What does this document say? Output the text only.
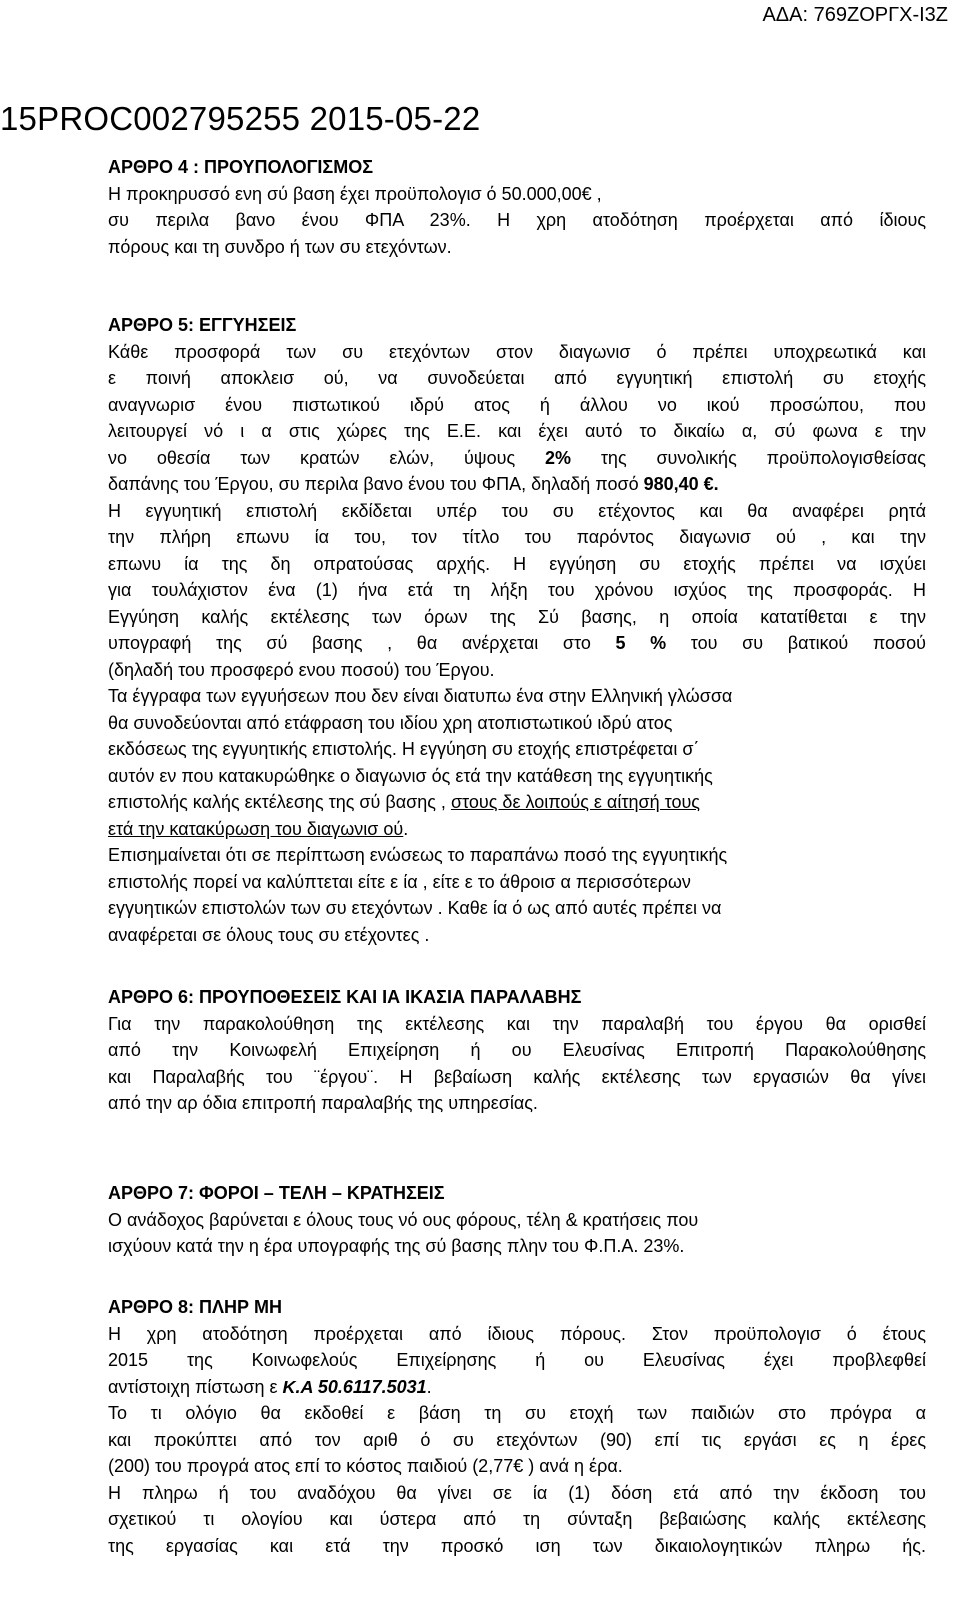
ΑΔΑ: 769ΖΟΡΓΧ-Ι3Ζ
15PROC002795255 2015-05-22

ΑΡΘΡΟ 4 : ΠΡΟΥΠΟΛΟΓΙΣΜΟΣ

Η προκηρυσσό ενη σύ βαση έχει προϋπολογισ ό 50.000,00€ ,

συ περιλα βανο ένου ΦΠΑ 23%. Η χρη ατοδότηση προέρχεται από ίδιους

πόρους και τη συνδρο ή των συ ετεχόντων.

ΑΡΘΡΟ 5: ΕΓΓΥΗΣΕΙΣ

Κάθε προσφορά των συ ετεχόντων στον διαγωνισ ό πρέπει υποχρεωτικά και

ε ποινή αποκλεισ ού, να συνοδεύεται από εγγυητική επιστολή συ ετοχής

αναγνωρισ ένου πιστωτικού ιδρύ ατος ή άλλου νο ικού προσώπου, που

λειτουργεί νό ι α στις χώρες της Ε.Ε. και έχει αυτό το δικαίω α, σύ φωνα ε την

νο οθεσία των κρατών ελών, ύψους 2% της συνολικής προϋπολογισθείσας

δαπάνης του Έργου, συ περιλα βανο ένου του ΦΠΑ, δηλαδή ποσό 980,40 €.

Η εγγυητική επιστολή εκδίδεται υπέρ του συ ετέχοντος και θα αναφέρει ρητά

την πλήρη επωνυ ία του, τον τίτλο του παρόντος διαγωνισ ού , και την

επωνυ ία της δη οπρατούσας αρχής. Η εγγύηση συ ετοχής πρέπει να ισχύει

για τουλάχιστον ένα (1) ήνα ετά τη λήξη του χρόνου ισχύος της προσφοράς. Η

Εγγύηση καλής εκτέλεσης των όρων της Σύ βασης, η οποία κατατίθεται ε την

υπογραφή της σύ βασης , θα ανέρχεται στο 5 % του συ βατικού ποσού

(δηλαδή του προσφερό ενου ποσού) του Έργου.

Τα έγγραφα των εγγυήσεων που δεν είναι διατυπω ένα στην Ελληνική γλώσσα

θα συνοδεύονται από ετάφραση του ιδίου χρη ατοπιστωτικού ιδρύ ατος

εκδόσεως της εγγυητικής επιστολής. Η εγγύηση συ ετοχής επιστρέφεται σ΄

αυτόν εν που κατακυρώθηκε ο διαγωνισ ός ετά την κατάθεση της εγγυητικής

επιστολής καλής εκτέλεσης της σύ βασης , στους δε λοιπούς ε αίτησή τους

ετά την κατακύρωση του διαγωνισ ού.

Επισημαίνεται ότι σε περίπτωση ενώσεως το παραπάνω ποσό της εγγυητικής

επιστολής πορεί να καλύπτεται είτε ε ία , είτε ε το άθροισ α περισσότερων

εγγυητικών επιστολών των συ ετεχόντων . Καθε ία ό ως από αυτές πρέπει να

αναφέρεται σε όλους τους συ ετέχοντες .

ΑΡΘΡΟ 6: ΠΡΟΥΠΟΘΕΣΕΙΣ ΚΑΙ ΙΑ ΙΚΑΣΙΑ ΠΑΡΑΛΑΒΗΣ

Για την παρακολούθηση της εκτέλεσης και την παραλαβή του έργου θα ορισθεί

από την Κοινωφελή Επιχείρηση ή ου Ελευσίνας Επιτροπή Παρακολούθησης

και Παραλαβής του ¨έργου¨. Η βεβαίωση καλής εκτέλεσης των εργασιών θα γίνει

από την αρ όδια επιτροπή παραλαβής της υπηρεσίας.

ΑΡΘΡΟ 7: ΦΟΡΟΙ – ΤΕΛΗ – ΚΡΑΤΗΣΕΙΣ

Ο ανάδοχος βαρύνεται ε όλους τους νό ους φόρους, τέλη & κρατήσεις που

ισχύουν κατά την η έρα υπογραφής της σύ βασης πλην του Φ.Π.Α. 23%.

ΑΡΘΡΟ 8: ΠΛΗΡ ΜΗ

Η χρη ατοδότηση προέρχεται από ίδιους πόρους. Στον προϋπολογισ ό έτους

2015 της Κοινωφελούς Επιχείρησης ή ου Ελευσίνας έχει προβλεφθεί

αντίστοιχη πίστωση ε Κ.Α 50.6117.5031.

Το τι ολόγιο θα εκδοθεί ε βάση τη συ ετοχή των παιδιών στο πρόγρα α

και προκύπτει από τον αριθ ό συ ετεχόντων (90) επί τις εργάσι ες η έρες

(200) του προγρά ατος επί το κόστος παιδιού (2,77€ ) ανά η έρα.

Η πληρω ή του αναδόχου θα γίνει σε ία (1) δόση ετά από την έκδοση του

σχετικού τι ολογίου και ύστερα από τη σύνταξη βεβαιώσης καλής εκτέλεσης

της εργασίας και ετά την προσκό ιση των δικαιολογητικών πληρω ής.
